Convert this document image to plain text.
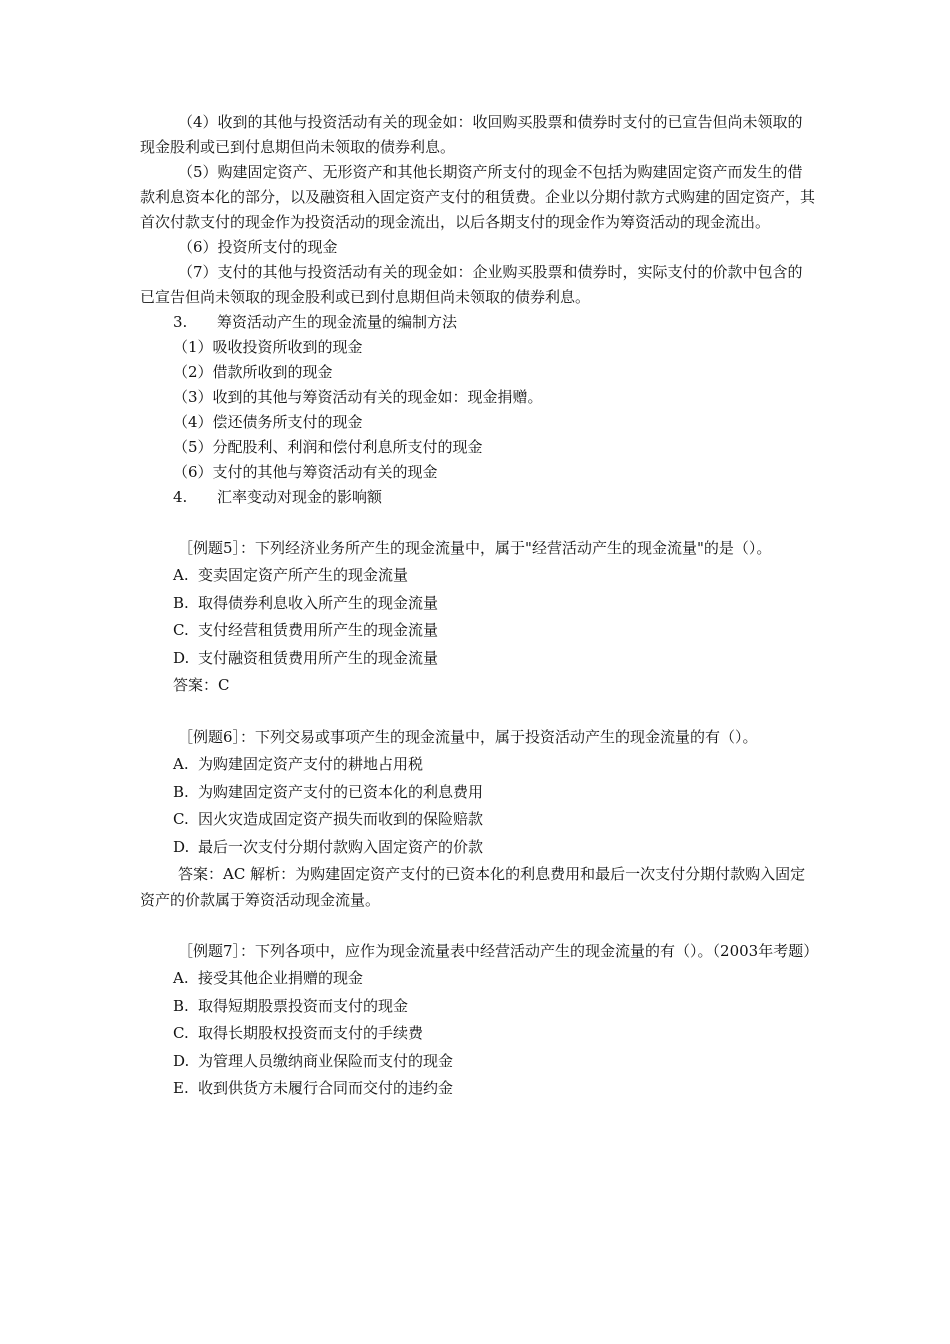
（4）收到的其他与投资活动有关的现金如：收回购买股票和债券时支付的已宣告但尚未领取的现金股利或已到付息期但尚未领取的债券利息。

（5）购建固定资产、无形资产和其他长期资产所支付的现金不包括为购建固定资产而发生的借款利息资本化的部分，以及融资租入固定资产支付的租赁费。企业以分期付款方式购建的固定资产，其首次付款支付的现金作为投资活动的现金流出，以后各期支付的现金作为筹资活动的现金流出。

（6）投资所支付的现金

（7）支付的其他与投资活动有关的现金如：企业购买股票和债券时，实际支付的价款中包含的已宣告但尚未领取的现金股利或已到付息期但尚未领取的债券利息。

3. 筹资活动产生的现金流量的编制方法

（1）吸收投资所收到的现金

（2）借款所收到的现金

（3）收到的其他与筹资活动有关的现金如：现金捐赠。

（4）偿还债务所支付的现金

（5）分配股利、利润和偿付利息所支付的现金

（6）支付的其他与筹资活动有关的现金

4. 汇率变动对现金的影响额

［例题5］：下列经济业务所产生的现金流量中，属于"经营活动产生的现金流量"的是（）。

A. 变卖固定资产所产生的现金流量

B. 取得债券利息收入所产生的现金流量

C. 支付经营租赁费用所产生的现金流量

D. 支付融资租赁费用所产生的现金流量

答案：C

［例题6］：下列交易或事项产生的现金流量中，属于投资活动产生的现金流量的有（）。

A. 为购建固定资产支付的耕地占用税

B. 为购建固定资产支付的已资本化的利息费用

C. 因火灾造成固定资产损失而收到的保险赔款

D. 最后一次支付分期付款购入固定资产的价款

答案：AC 解析：为购建固定资产支付的已资本化的利息费用和最后一次支付分期付款购入固定资产的价款属于筹资活动现金流量。

［例题7］：下列各项中，应作为现金流量表中经营活动产生的现金流量的有（）。（2003年考题）

A. 接受其他企业捐赠的现金

B. 取得短期股票投资而支付的现金

C. 取得长期股权投资而支付的手续费

D. 为管理人员缴纳商业保险而支付的现金

E. 收到供货方未履行合同而交付的违约金
